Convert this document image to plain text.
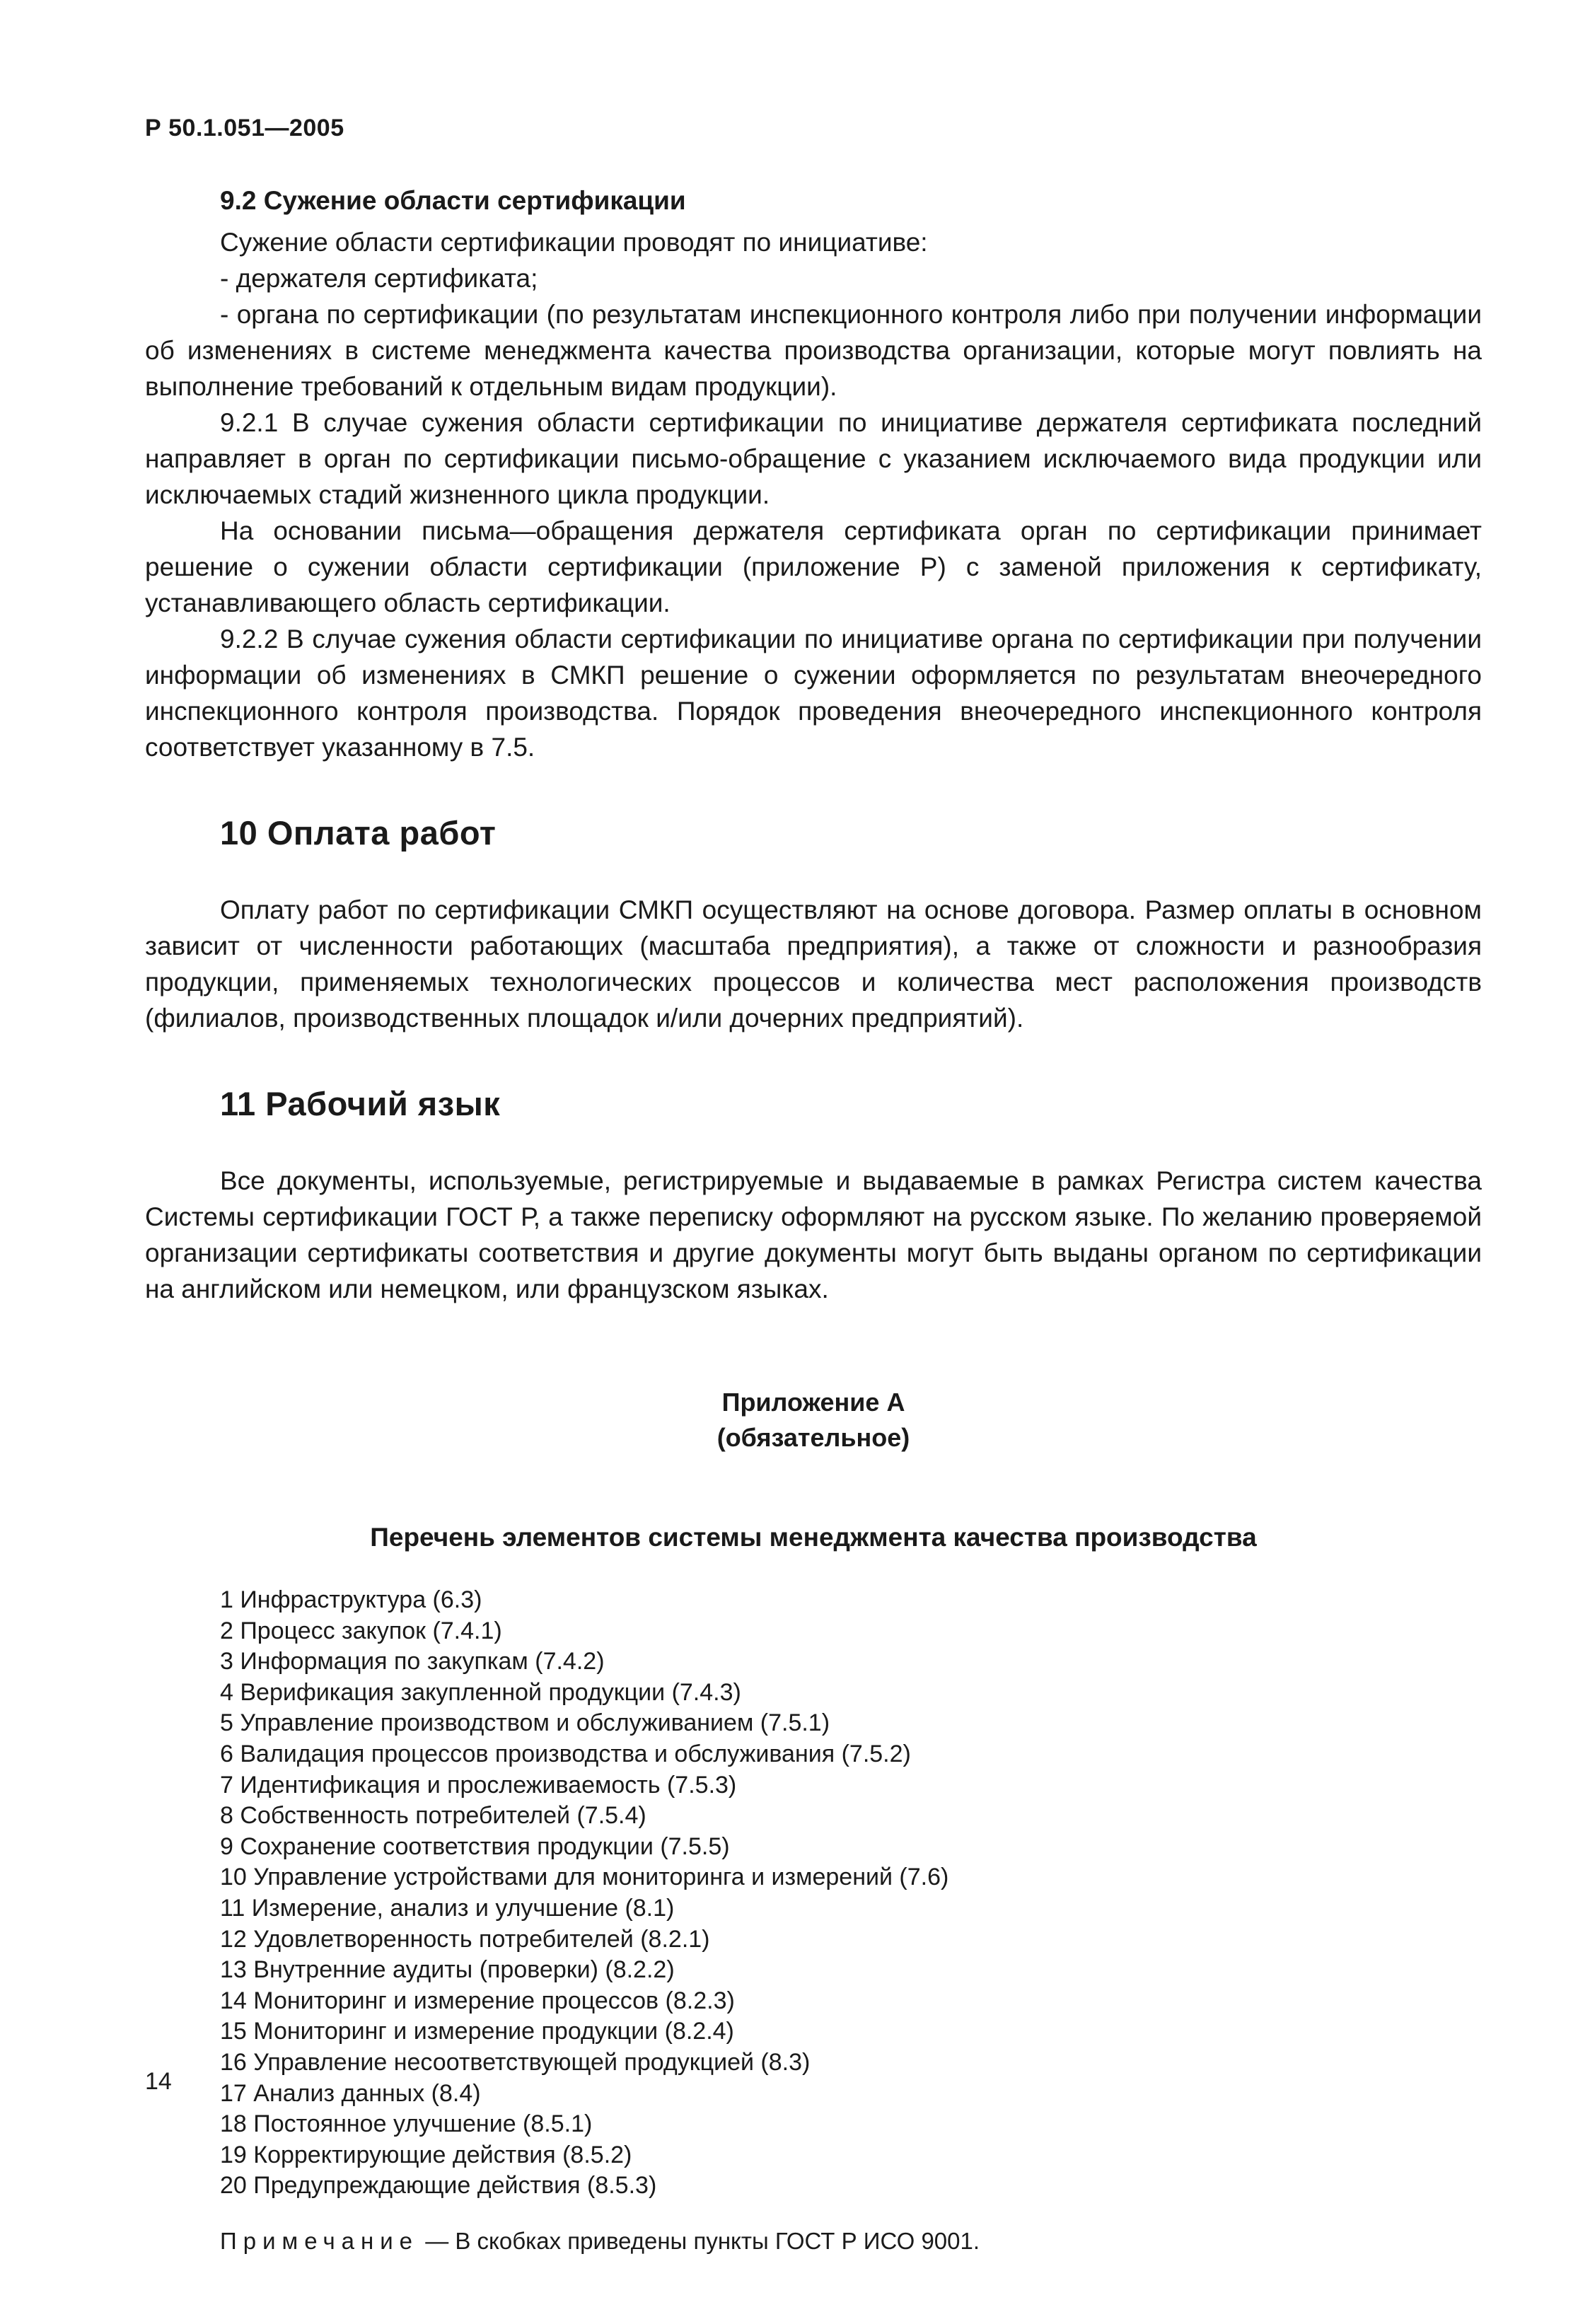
Р 50.1.051—2005
9.2 Сужение области сертификации

Сужение области сертификации проводят по инициативе:

- держателя сертификата;

- органа по сертификации (по результатам инспекционного контроля либо при получении информации об изменениях в системе менеджмента качества производства организации, которые могут повлиять на выполнение требований к отдельным видам продукции).

9.2.1 В случае сужения области сертификации по инициативе держателя сертификата последний направляет в орган по сертификации письмо-обращение с указанием исключаемого вида продукции или исключаемых стадий жизненного цикла продукции.

На основании письма—обращения держателя сертификата орган по сертификации принимает решение о сужении области сертификации (приложение Р) с заменой приложения к сертификату, устанавливающего область сертификации.

9.2.2 В случае сужения области сертификации по инициативе органа по сертификации при получении информации об изменениях в СМКП решение о сужении оформляется по результатам внеочередного инспекционного контроля производства. Порядок проведения внеочередного инспекционного контроля соответствует указанному в 7.5.

10 Оплата работ

Оплату работ по сертификации СМКП осуществляют на основе договора. Размер оплаты в основном зависит от численности работающих (масштаба предприятия), а также от сложности и разнообразия продукции, применяемых технологических процессов и количества мест расположения производств (филиалов, производственных площадок и/или дочерних предприятий).

11 Рабочий язык

Все документы, используемые, регистрируемые и выдаваемые в рамках Регистра систем качества Системы сертификации ГОСТ Р, а также переписку оформляют на русском языке. По желанию проверяемой организации сертификаты соответствия и другие документы могут быть выданы органом по сертификации на английском или немецком, или французском языках.

Приложение А
(обязательное)
Перечень элементов системы менеджмента качества производства
1 Инфраструктура (6.3)
2 Процесс закупок (7.4.1)
3 Информация по закупкам (7.4.2)
4 Верификация закупленной продукции (7.4.3)
5 Управление производством и обслуживанием (7.5.1)
6 Валидация процессов производства и обслуживания (7.5.2)
7 Идентификация и прослеживаемость (7.5.3)
8 Собственность потребителей (7.5.4)
9 Сохранение соответствия продукции (7.5.5)
10 Управление устройствами для мониторинга и измерений (7.6)
11 Измерение, анализ и улучшение (8.1)
12 Удовлетворенность потребителей (8.2.1)
13 Внутренние аудиты (проверки) (8.2.2)
14 Мониторинг и измерение процессов (8.2.3)
15 Мониторинг и измерение продукции (8.2.4)
16 Управление несоответствующей продукцией (8.3)
17 Анализ данных (8.4)
18 Постоянное улучшение (8.5.1)
19 Корректирующие действия (8.5.2)
20 Предупреждающие действия (8.5.3)
Примечание — В скобках приведены пункты ГОСТ Р ИСО 9001.
14
